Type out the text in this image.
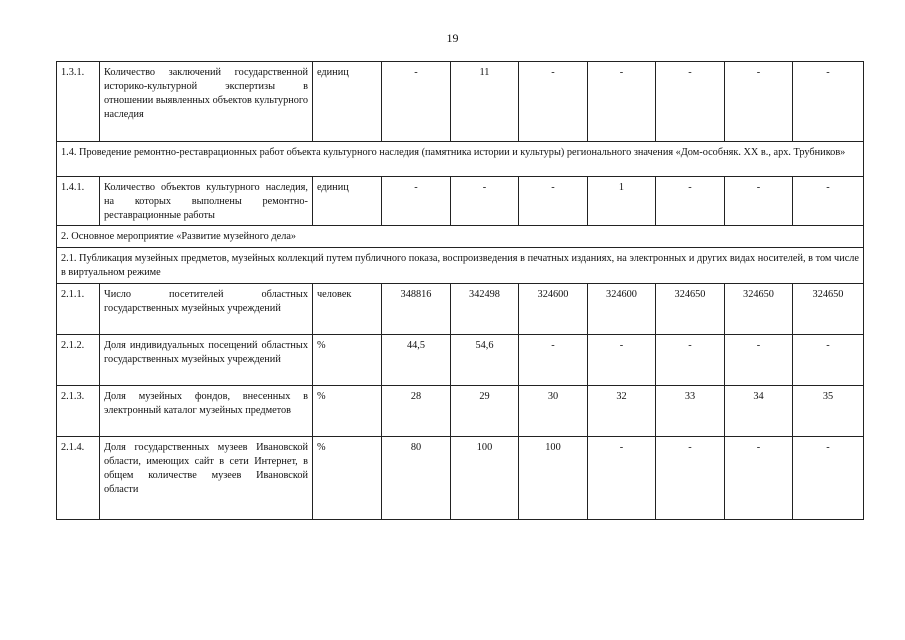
19
1.3.1.	Количество заключений государственной историко-культурной экспертизы в отношении выявленных объектов культурного наследия	единиц	-	11	-	-	-	-	-
1.4. Проведение ремонтно-реставрационных работ объекта культурного наследия (памятника истории и культуры) регионального значения «Дом-особняк. XX в., арх. Трубников»									
1.4.1.	Количество объектов культурного наследия, на которых выполнены ремонтно-реставрационные работы	единиц	-	-	-	1	-	-	-
2. Основное мероприятие «Развитие музейного дела»									
2.1. Публикация музейных предметов, музейных коллекций путем публичного показа, воспроизведения в печатных изданиях, на электронных и других видах носителей, в том числе в виртуальном режиме									
2.1.1.	Число посетителей областных государственных музейных учреждений	человек	348816	342498	324600	324600	324650	324650	324650
2.1.2.	Доля индивидуальных посещений областных государственных музейных учреждений	%	44,5	54,6	-	-	-	-	-
2.1.3.	Доля музейных фондов, внесенных в электронный каталог музейных предметов	%	28	29	30	32	33	34	35
2.1.4.	Доля государственных музеев Ивановской области, имеющих сайт в сети Интернет, в общем количестве музеев Ивановской области	%	80	100	100	-	-	-	-
